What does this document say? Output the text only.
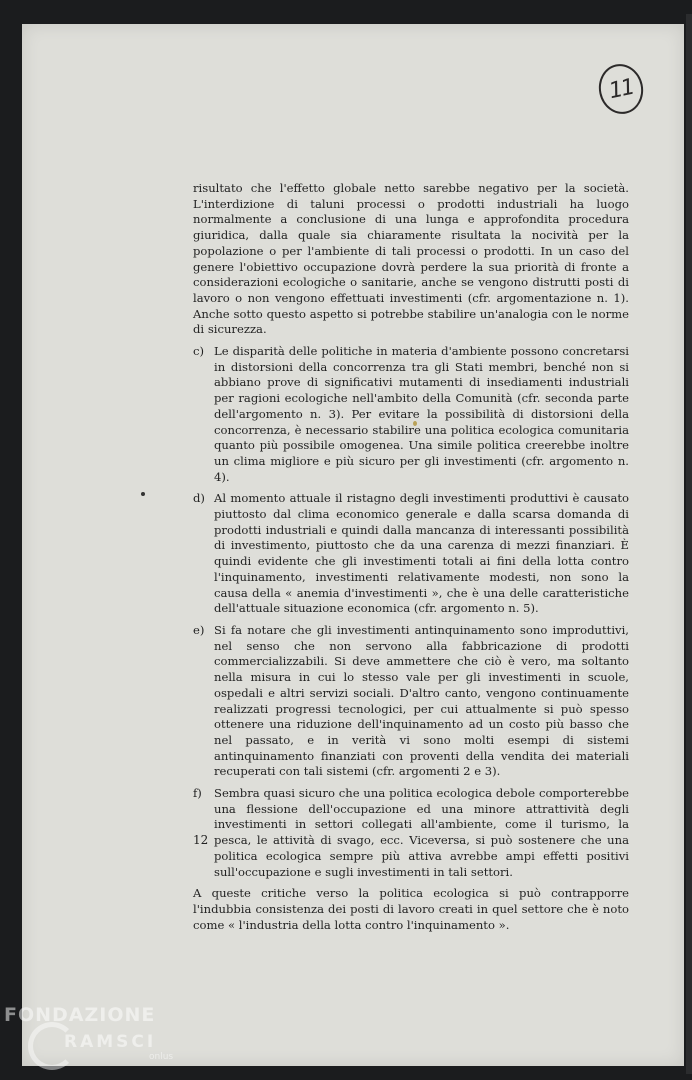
11

risultato che l'effetto globale netto sarebbe negativo per la società. L'interdizione di taluni processi o prodotti industriali ha luogo normalmente a conclusione di una lunga e approfondita procedura giuridica, dalla quale sia chiaramente risultata la nocività per la popolazione o per l'ambiente di tali processi o prodotti. In un caso del genere l'obiettivo occupazione dovrà perdere la sua priorità di fronte a considerazioni ecologiche o sanitarie, anche se vengono distrutti posti di lavoro o non vengono effettuati investimenti (cfr. argomentazione n. 1). Anche sotto questo aspetto si potrebbe stabilire un'analogia con le norme di sicurezza.

c) Le disparità delle politiche in materia d'ambiente possono concretarsi in distorsioni della concorrenza tra gli Stati membri, benché non si abbiano prove di significativi mutamenti di insediamenti industriali per ragioni ecologiche nell'ambito della Comunità (cfr. seconda parte dell'argomento n. 3). Per evitare la possibilità di distorsioni della concorrenza, è necessario stabilire una politica ecologica comunitaria quanto più possibile omogenea. Una simile politica creerebbe inoltre un clima migliore e più sicuro per gli investimenti (cfr. argomento n. 4).
d) Al momento attuale il ristagno degli investimenti produttivi è causato piuttosto dal clima economico generale e dalla scarsa domanda di prodotti industriali e quindi dalla mancanza di interessanti possibilità di investimento, piuttosto che da una carenza di mezzi finanziari. È quindi evidente che gli investimenti totali ai fini della lotta contro l'inquinamento, investimenti relativamente modesti, non sono la causa della « anemia d'investimenti », che è una delle caratteristiche dell'attuale situazione economica (cfr. argomento n. 5).
e) Si fa notare che gli investimenti antinquinamento sono improduttivi, nel senso che non servono alla fabbricazione di prodotti commercializzabili. Si deve ammettere che ciò è vero, ma soltanto nella misura in cui lo stesso vale per gli investimenti in scuole, ospedali e altri servizi sociali. D'altro canto, vengono continuamente realizzati progressi tecnologici, per cui attualmente si può spesso ottenere una riduzione dell'inquinamento ad un costo più basso che nel passato, e in verità vi sono molti esempi di sistemi antinquinamento finanziati con proventi della vendita dei materiali recuperati con tali sistemi (cfr. argomenti 2 e 3).
f)	Sembra quasi sicuro che una politica ecologica debole comporterebbe una flessione dell'occupazione ed una minore attrattività degli investimenti in settori collegati all'ambiente, come il turismo, la pesca, le attività di svago, ecc. Viceversa, si può sostenere che una politica ecologica sempre più attiva avrebbe ampi effetti positivi sull'occupazione e sugli investimenti in tali settori.

A queste critiche verso la politica ecologica si può contrapporre l'indubbia consistenza dei posti di lavoro creati in quel settore che è noto come « l'industria della lotta contro l'inquinamento ».

12
FONDAZIONE
RAMSCI
onlus
